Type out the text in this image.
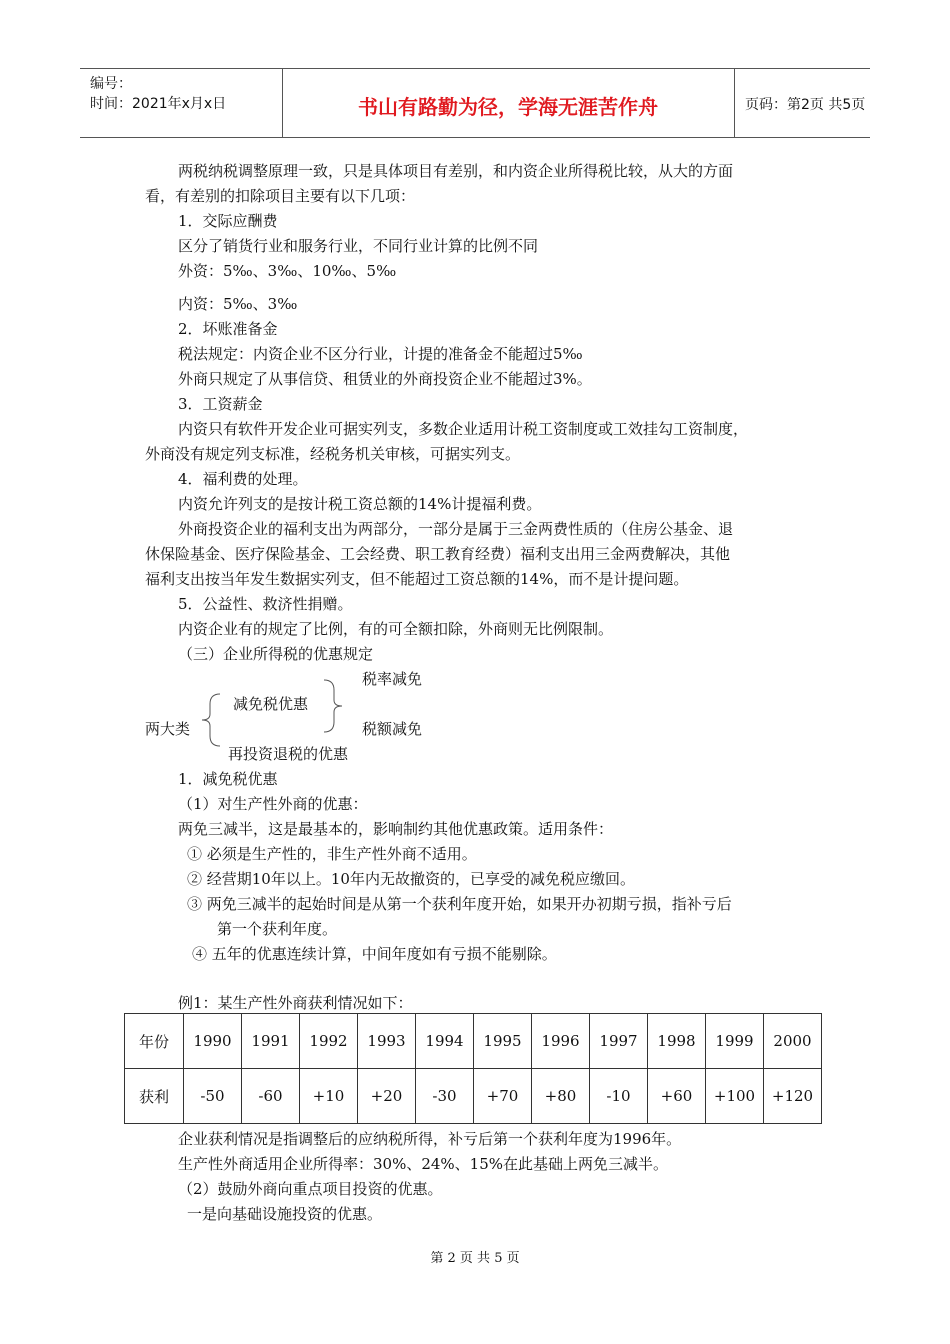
编号：
时间：2021年x月x日	书山有路勤为径，学海无涯苦作舟	页码：第2页 共5页
两税纳税调整原理一致，只是具体项目有差别，和内资企业所得税比较，从大的方面
看，有差别的扣除项目主要有以下几项：
1．交际应酬费
区分了销货行业和服务行业，不同行业计算的比例不同
外资：5‰、3‰、10‰、5‰
内资：5‰、3‰
2．坏账准备金
税法规定：内资企业不区分行业，计提的准备金不能超过5‰
外商只规定了从事信贷、租赁业的外商投资企业不能超过3%。
3．工资薪金
内资只有软件开发企业可据实列支，多数企业适用计税工资制度或工效挂勾工资制度，
外商没有规定列支标准，经税务机关审核，可据实列支。
4．福利费的处理。
内资允许列支的是按计税工资总额的14%计提福利费。
外商投资企业的福利支出为两部分，一部分是属于三金两费性质的（住房公基金、退
休保险基金、医疗保险基金、工会经费、职工教育经费）福利支出用三金两费解决，其他
福利支出按当年发生数据实列支，但不能超过工资总额的14%，而不是计提问题。
5．公益性、救济性捐赠。
内资企业有的规定了比例，有的可全额扣除，外商则无比例限制。
（三）企业所得税的优惠规定
税率减免
减免税优惠
两大类	税额减免
再投资退税的优惠
1．减免税优惠
（1）对生产性外商的优惠：
两免三减半，这是最基本的，影响制约其他优惠政策。适用条件：
① 必须是生产性的，非生产性外商不适用。
② 经营期10年以上。10年内无故撤资的，已享受的减免税应缴回。
③ 两免三减半的起始时间是从第一个获利年度开始，如果开办初期亏损，指补亏后
第一个获利年度。
④ 五年的优惠连续计算，中间年度如有亏损不能剔除。
例1：某生产性外商获利情况如下：
年份	1990	1991	1992	1993	1994	1995	1996	1997	1998	1999	2000
获利	-50	-60	+10	+20	-30	+70	+80	-10	+60	+100	+120
企业获利情况是指调整后的应纳税所得，补亏后第一个获利年度为1996年。
生产性外商适用企业所得率：30%、24%、15%在此基础上两免三减半。
（2）鼓励外商向重点项目投资的优惠。
一是向基础设施投资的优惠。
第 2 页 共 5 页
